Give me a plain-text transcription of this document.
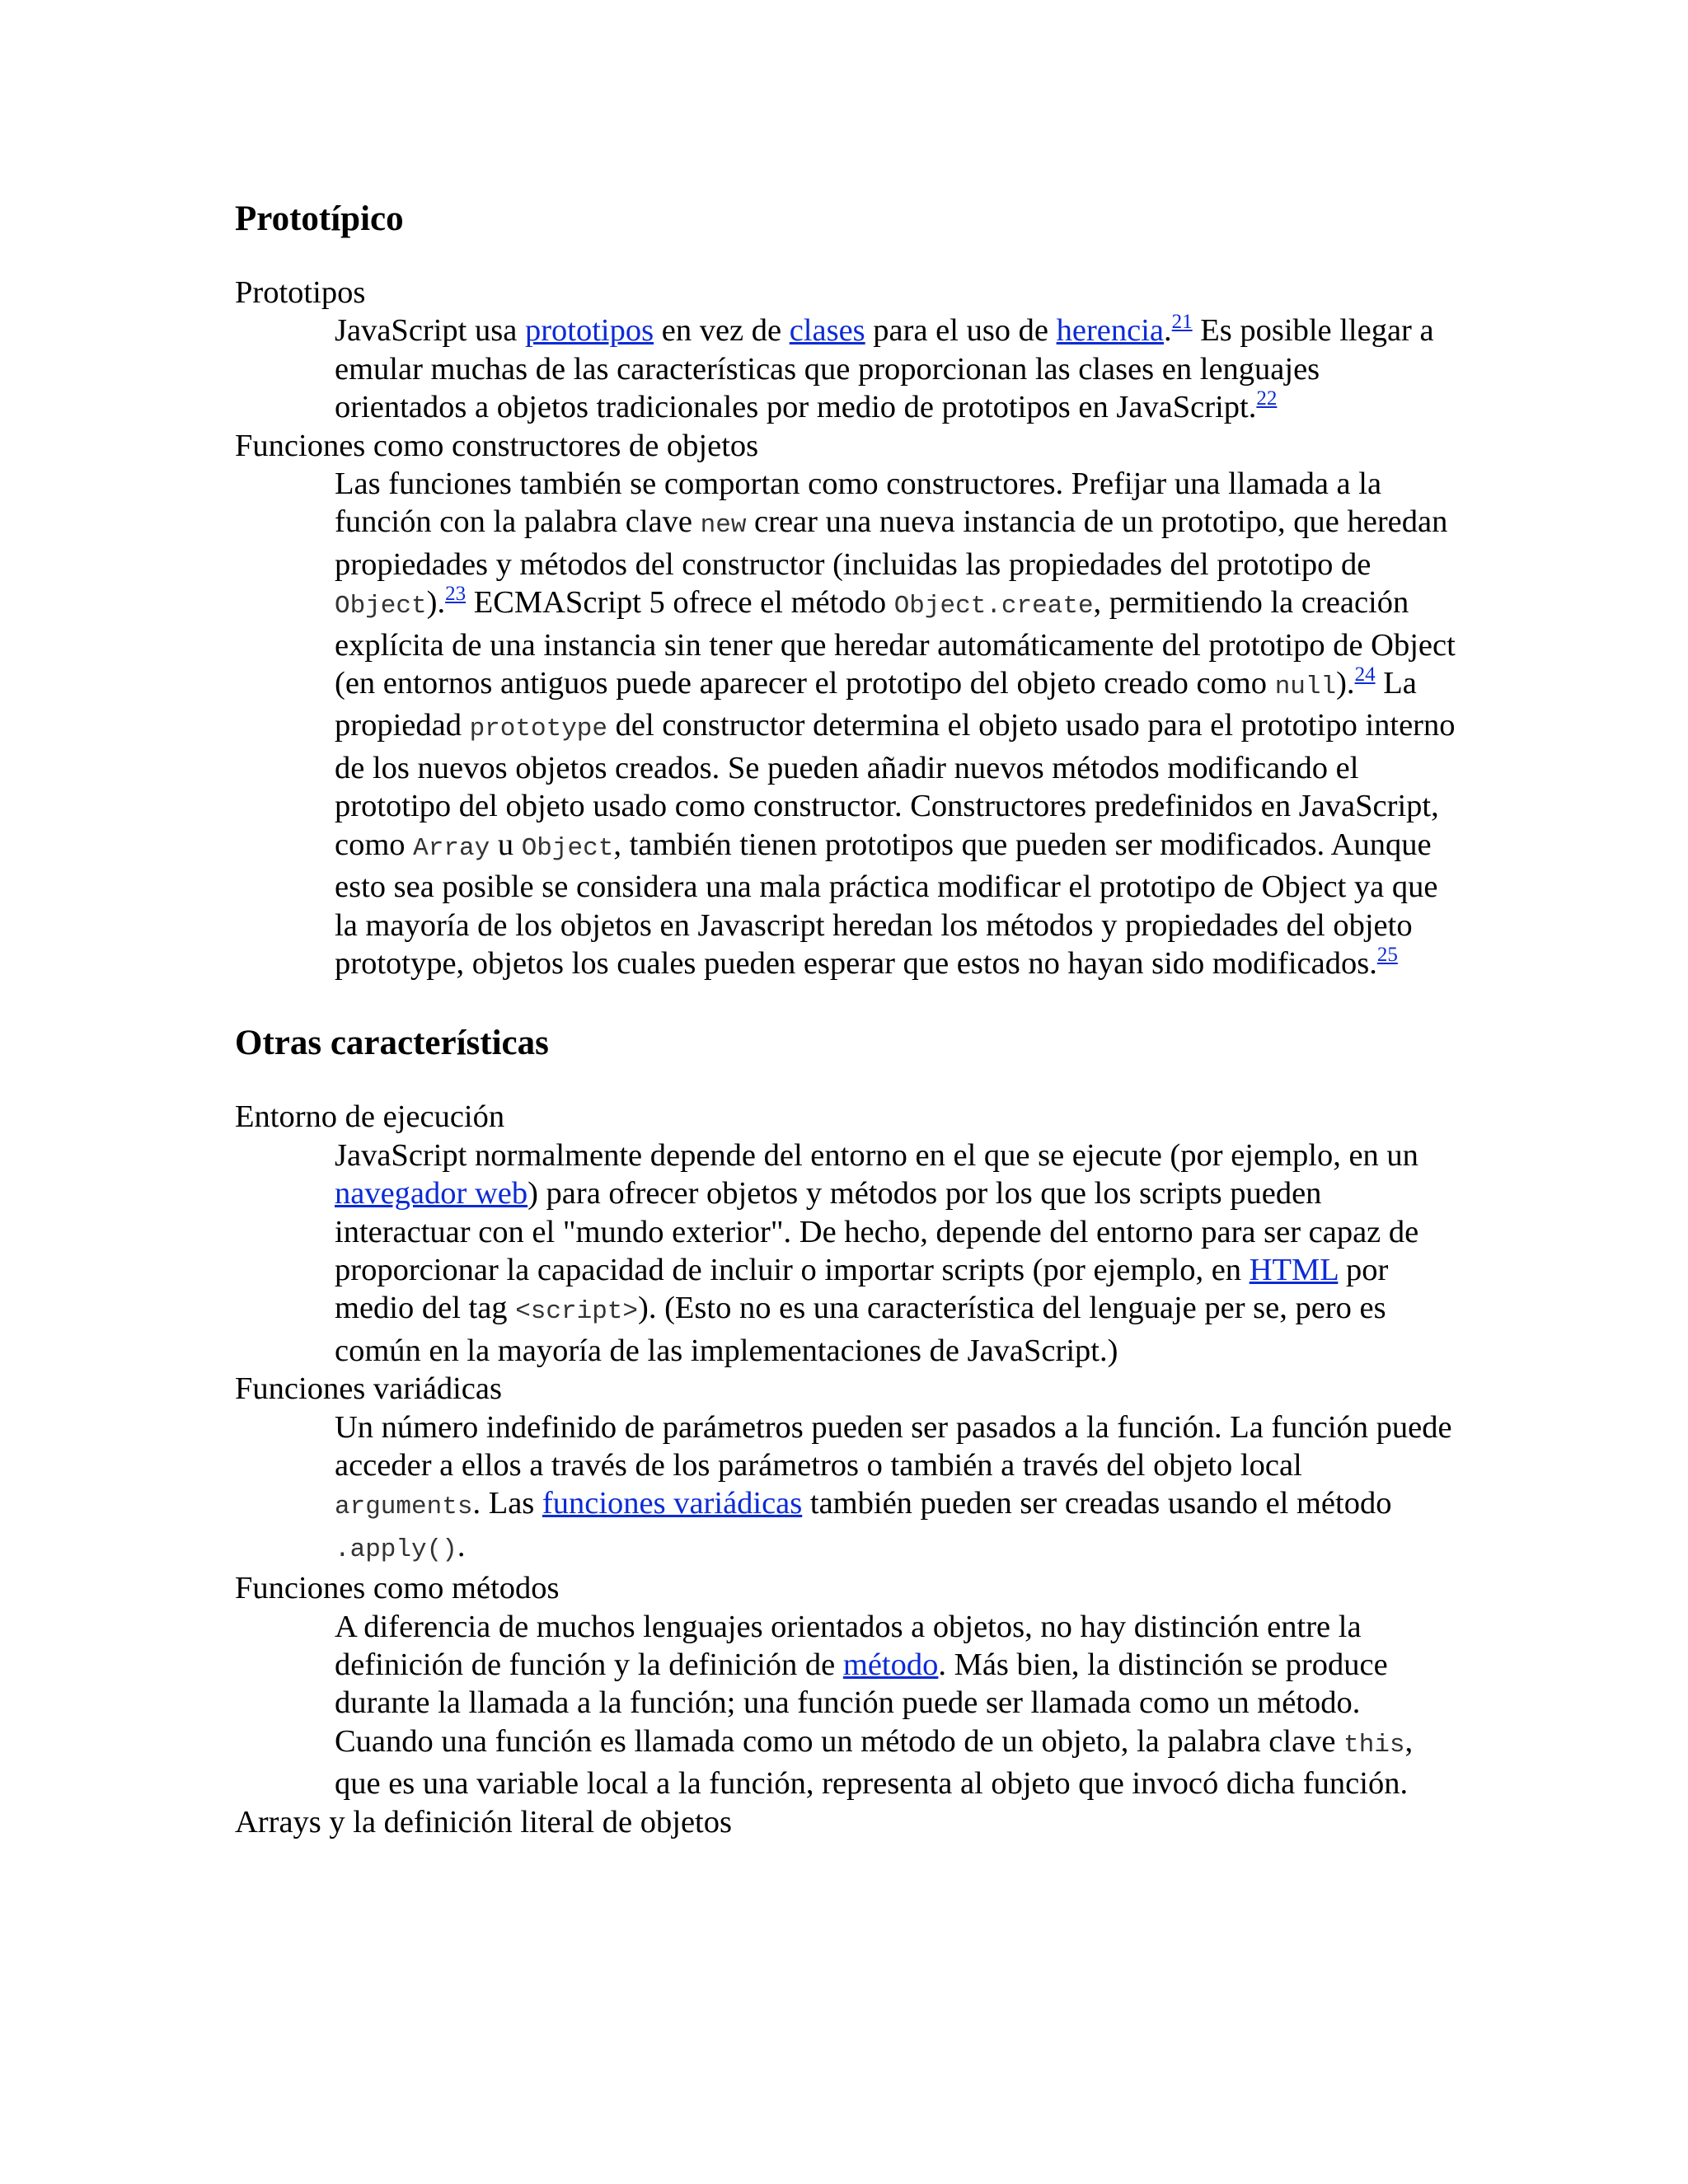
Prototípico
Prototipos
JavaScript usa prototipos en vez de clases para el uso de herencia.$^{21}$ Es posible llegar a emular muchas de las características que proporcionan las clases en lenguajes orientados a objetos tradicionales por medio de prototipos en JavaScript.$^{22}$
Funciones como constructores de objetos
Las funciones también se comportan como constructores. Prefijar una llamada a la función con la palabra clave new crear una nueva instancia de un prototipo, que heredan propiedades y métodos del constructor (incluidas las propiedades del prototipo de Object).$^{23}$ ECMAScript 5 ofrece el método Object.create, permitiendo la creación explícita de una instancia sin tener que heredar automáticamente del prototipo de Object (en entornos antiguos puede aparecer el prototipo del objeto creado como null).$^{24}$ La propiedad prototype del constructor determina el objeto usado para el prototipo interno de los nuevos objetos creados. Se pueden añadir nuevos métodos modificando el prototipo del objeto usado como constructor. Constructores predefinidos en JavaScript, como Array u Object, también tienen prototipos que pueden ser modificados. Aunque esto sea posible se considera una mala práctica modificar el prototipo de Object ya que la mayoría de los objetos en Javascript heredan los métodos y propiedades del objeto prototype, objetos los cuales pueden esperar que estos no hayan sido modificados.$^{25}$
Otras características
Entorno de ejecución
JavaScript normalmente depende del entorno en el que se ejecute (por ejemplo, en un navegador web) para ofrecer objetos y métodos por los que los scripts pueden interactuar con el "mundo exterior". De hecho, depende del entorno para ser capaz de proporcionar la capacidad de incluir o importar scripts (por ejemplo, en HTML por medio del tag <script>). (Esto no es una característica del lenguaje per se, pero es común en la mayoría de las implementaciones de JavaScript.)
Funciones variádicas
Un número indefinido de parámetros pueden ser pasados a la función. La función puede acceder a ellos a través de los parámetros o también a través del objeto local arguments. Las funciones variádicas también pueden ser creadas usando el método .apply().
Funciones como métodos
A diferencia de muchos lenguajes orientados a objetos, no hay distinción entre la definición de función y la definición de método. Más bien, la distinción se produce durante la llamada a la función; una función puede ser llamada como un método. Cuando una función es llamada como un método de un objeto, la palabra clave this, que es una variable local a la función, representa al objeto que invocó dicha función.
Arrays y la definición literal de objetos
